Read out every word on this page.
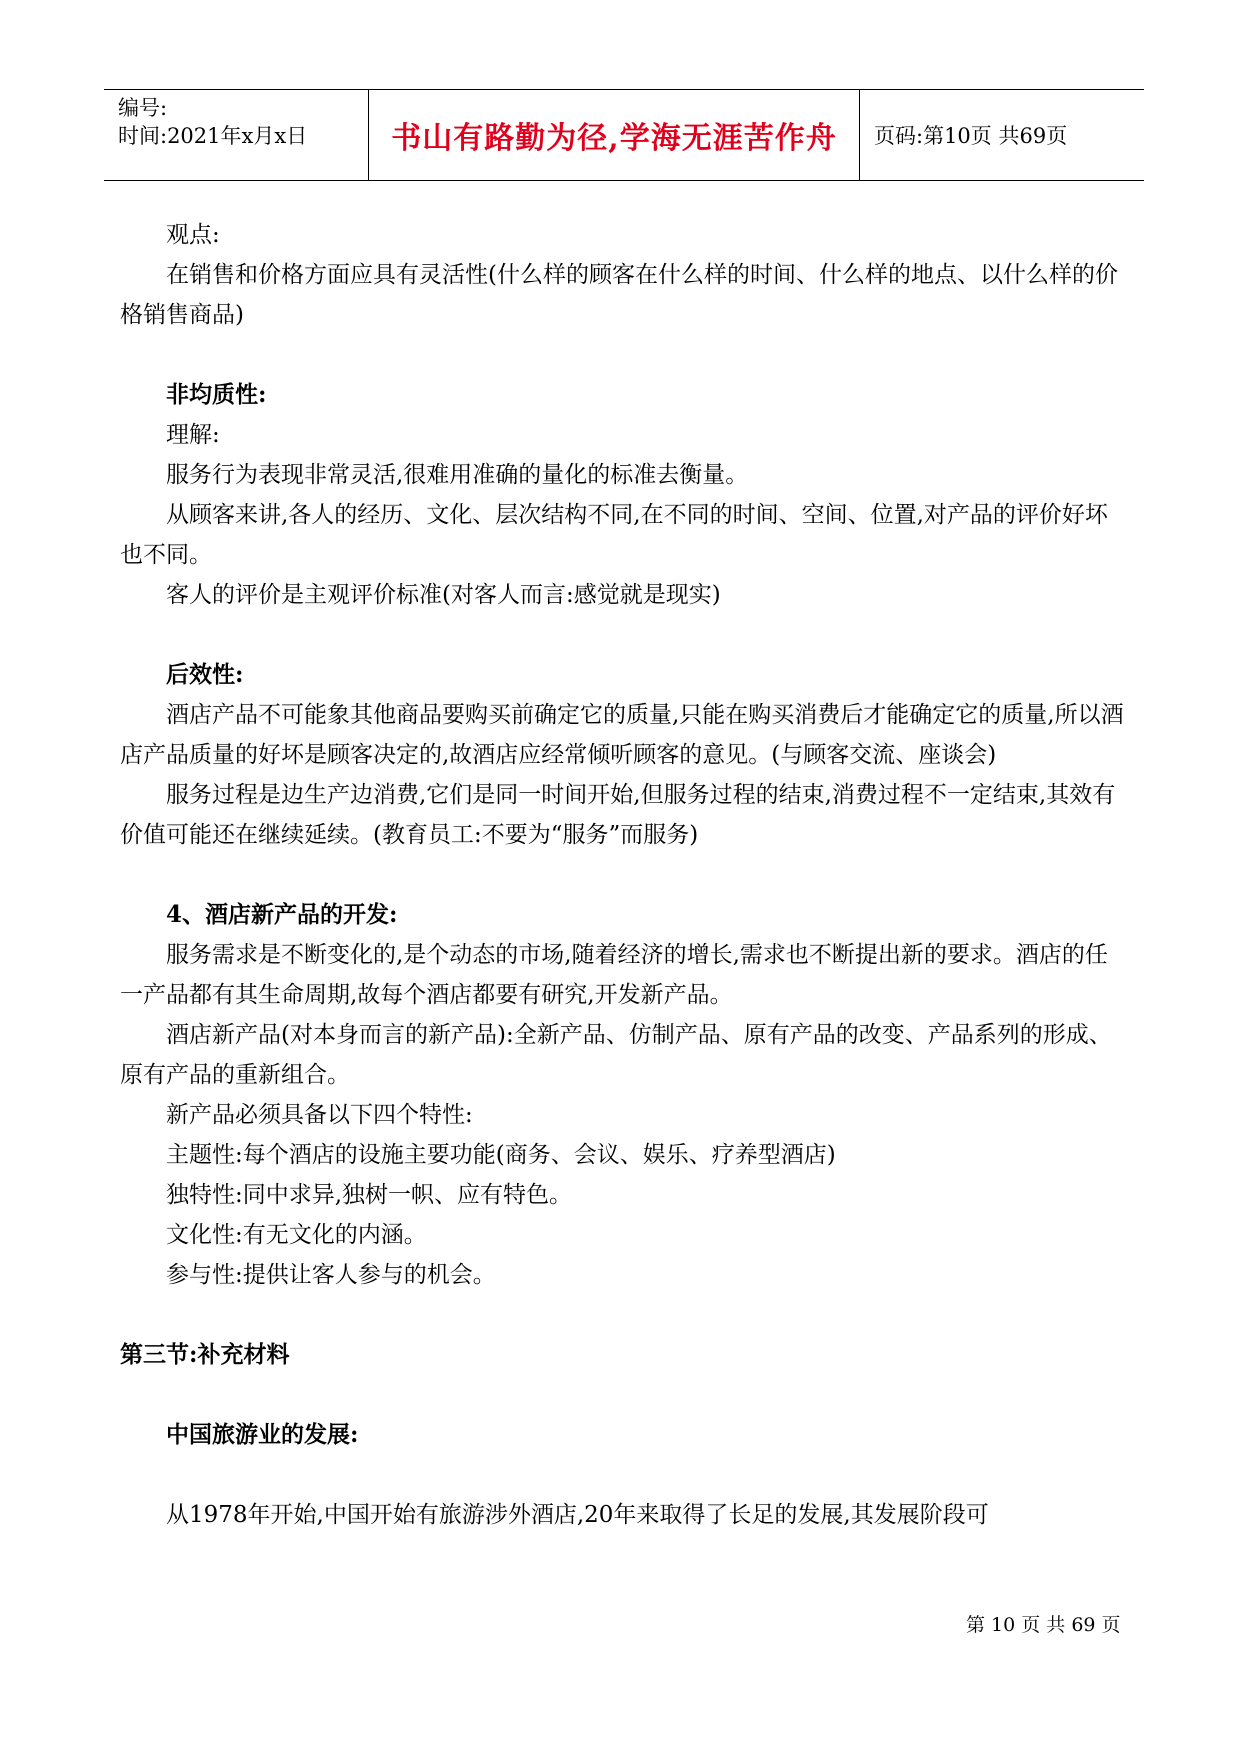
编号:
时间:2021年x月x日	书山有路勤为径,学海无涯苦作舟 页码:第10页 共69页

观点:

在销售和价格方面应具有灵活性(什么样的顾客在什么样的时间、什么样的地点、以什么样的价格销售商品)

非均质性:

理解:

服务行为表现非常灵活,很难用准确的量化的标准去衡量。

从顾客来讲,各人的经历、文化、层次结构不同,在不同的时间、空间、位置,对产品的评价好坏也不同。

客人的评价是主观评价标准(对客人而言:感觉就是现实)

后效性:

酒店产品不可能象其他商品要购买前确定它的质量,只能在购买消费后才能确定它的质量,所以酒店产品质量的好坏是顾客决定的,故酒店应经常倾听顾客的意见。(与顾客交流、座谈会)

服务过程是边生产边消费,它们是同一时间开始,但服务过程的结束,消费过程不一定结束,其效有价值可能还在继续延续。(教育员工:不要为“服务”而服务)

4、酒店新产品的开发:

服务需求是不断变化的,是个动态的市场,随着经济的增长,需求也不断提出新的要求。酒店的任一产品都有其生命周期,故每个酒店都要有研究,开发新产品。

酒店新产品(对本身而言的新产品):全新产品、仿制产品、原有产品的改变、产品系列的形成、原有产品的重新组合。

新产品必须具备以下四个特性:

主题性:每个酒店的设施主要功能(商务、会议、娱乐、疗养型酒店)

独特性:同中求异,独树一帜、应有特色。

文化性:有无文化的内涵。

参与性:提供让客人参与的机会。

第三节:补充材料

中国旅游业的发展:

从1978年开始,中国开始有旅游涉外酒店,20年来取得了长足的发展,其发展阶段可

第 10 页 共 69 页
